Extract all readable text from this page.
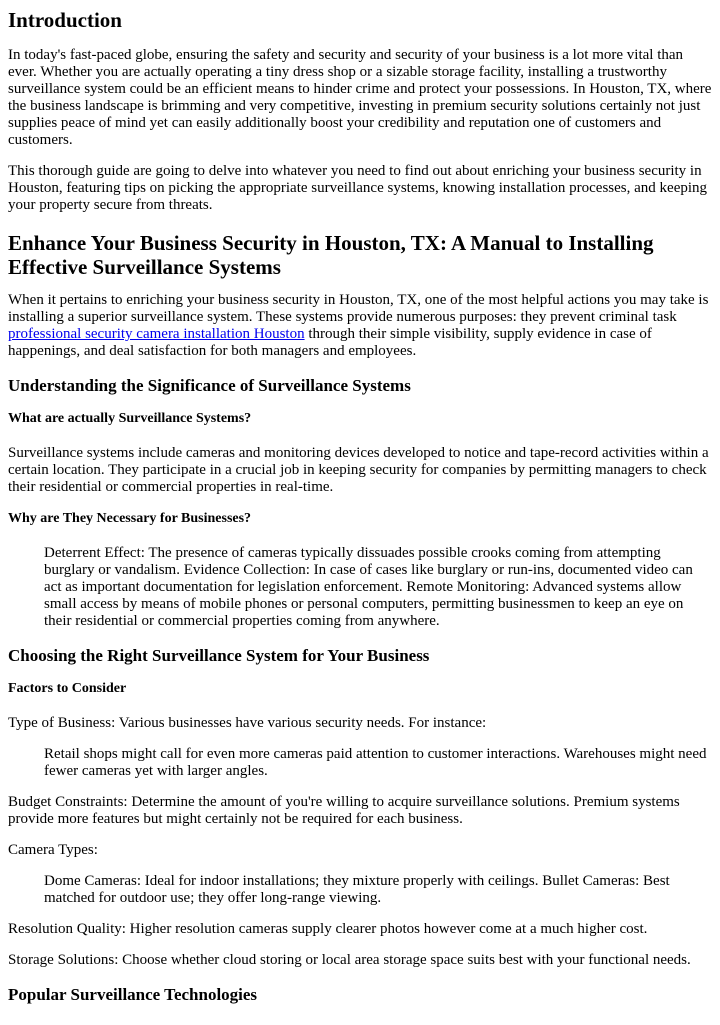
Introduction

In today's fast-paced globe, ensuring the safety and security and security of your business is a lot more vital than ever. Whether you are actually operating a tiny dress shop or a sizable storage facility, installing a trustworthy surveillance system could be an efficient means to hinder crime and protect your possessions. In Houston, TX, where the business landscape is brimming and very competitive, investing in premium security solutions certainly not just supplies peace of mind yet can easily additionally boost your credibility and reputation one of customers and customers.

This thorough guide are going to delve into whatever you need to find out about enriching your business security in Houston, featuring tips on picking the appropriate surveillance systems, knowing installation processes, and keeping your property secure from threats.

Enhance Your Business Security in Houston, TX: A Manual to Installing Effective Surveillance Systems

When it pertains to enriching your business security in Houston, TX, one of the most helpful actions you may take is installing a superior surveillance system. These systems provide numerous purposes: they prevent criminal task professional security camera installation Houston through their simple visibility, supply evidence in case of happenings, and deal satisfaction for both managers and employees.

Understanding the Significance of Surveillance Systems
What are actually Surveillance Systems?

Surveillance systems include cameras and monitoring devices developed to notice and tape-record activities within a certain location. They participate in a crucial job in keeping security for companies by permitting managers to check their residential or commercial properties in real-time.

Why are They Necessary for Businesses?
Deterrent Effect: The presence of cameras typically dissuades possible crooks coming from attempting burglary or vandalism. Evidence Collection: In case of cases like burglary or run-ins, documented video can act as important documentation for legislation enforcement. Remote Monitoring: Advanced systems allow small access by means of mobile phones or personal computers, permitting businessmen to keep an eye on their residential or commercial properties coming from anywhere.
Choosing the Right Surveillance System for Your Business
Factors to Consider

Type of Business: Various businesses have various security needs. For instance:

Retail shops might call for even more cameras paid attention to customer interactions. Warehouses might need fewer cameras yet with larger angles.

Budget Constraints: Determine the amount of you're willing to acquire surveillance solutions. Premium systems provide more features but might certainly not be required for each business.

Camera Types:

Dome Cameras: Ideal for indoor installations; they mixture properly with ceilings. Bullet Cameras: Best matched for outdoor use; they offer long-range viewing.

Resolution Quality: Higher resolution cameras supply clearer photos however come at a much higher cost.

Storage Solutions: Choose whether cloud storing or local area storage space suits best with your functional needs.

Popular Surveillance Technologies
